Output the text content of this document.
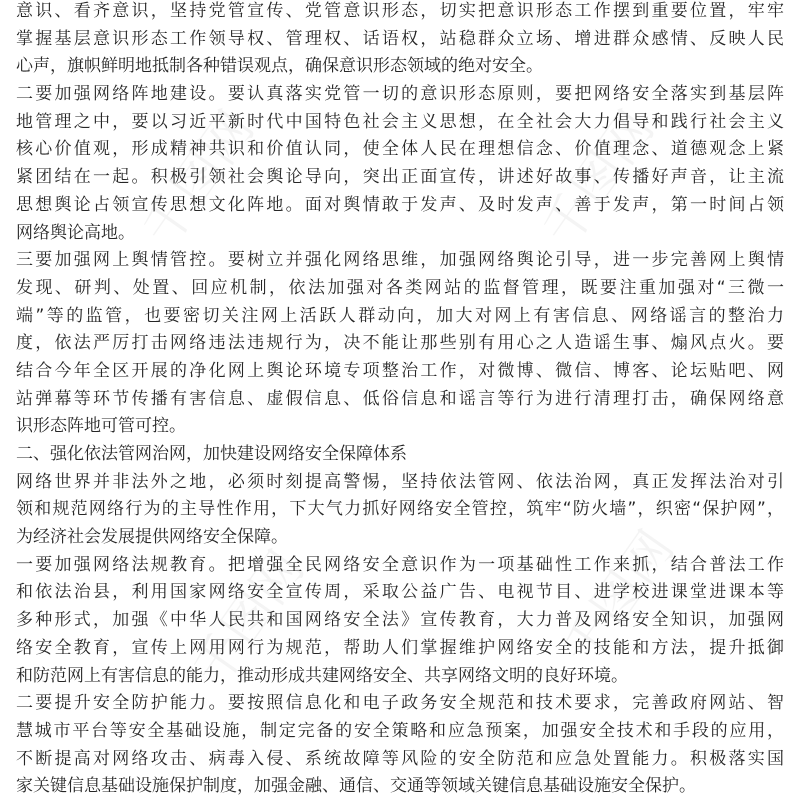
意识、看齐意识，坚持党管宣传、党管意识形态，切实把意识形态工作摆到重要位置，牢牢
掌握基层意识形态工作领导权、管理权、话语权，站稳群众立场、增进群众感情、反映人民
心声，旗帜鲜明地抵制各种错误观点，确保意识形态领域的绝对安全。
二要加强网络阵地建设。要认真落实党管一切的意识形态原则，要把网络安全落实到基层阵
地管理之中，要以习近平新时代中国特色社会主义思想，在全社会大力倡导和践行社会主义
核心价值观，形成精神共识和价值认同，使全体人民在理想信念、价值理念、道德观念上紧
紧团结在一起。积极引领社会舆论导向，突出正面宣传，讲述好故事、传播好声音，让主流
思想舆论占领宣传思想文化阵地。面对舆情敢于发声、及时发声、善于发声，第一时间占领
网络舆论高地。
三要加强网上舆情管控。要树立并强化网络思维，加强网络舆论引导，进一步完善网上舆情
发现、研判、处置、回应机制，依法加强对各类网站的监督管理，既要注重加强对“三微一
端”等的监管，也要密切关注网上活跃人群动向，加大对网上有害信息、网络谣言的整治力
度，依法严厉打击网络违法违规行为，决不能让那些别有用心之人造谣生事、煽风点火。要
结合今年全区开展的净化网上舆论环境专项整治工作，对微博、微信、博客、论坛贴吧、网
站弹幕等环节传播有害信息、虚假信息、低俗信息和谣言等行为进行清理打击，确保网络意
识形态阵地可管可控。
二、强化依法管网治网，加快建设网络安全保障体系
网络世界并非法外之地，必须时刻提高警惕，坚持依法管网、依法治网，真正发挥法治对引
领和规范网络行为的主导性作用，下大气力抓好网络安全管控，筑牢“防火墙”，织密“保护网”，
为经济社会发展提供网络安全保障。
一要加强网络法规教育。把增强全民网络安全意识作为一项基础性工作来抓，结合普法工作
和依法治县，利用国家网络安全宣传周，采取公益广告、电视节目、进学校进课堂进课本等
多种形式，加强《中华人民共和国网络安全法》宣传教育，大力普及网络安全知识，加强网
络安全教育，宣传上网用网行为规范，帮助人们掌握维护网络安全的技能和方法，提升抵御
和防范网上有害信息的能力，推动形成共建网络安全、共享网络文明的良好环境。
二要提升安全防护能力。要按照信息化和电子政务安全规范和技术要求，完善政府网站、智
慧城市平台等安全基础设施，制定完备的安全策略和应急预案，加强安全技术和手段的应用，
不断提高对网络攻击、病毒入侵、系统故障等风险的安全防范和应急处置能力。积极落实国
家关键信息基础设施保护制度，加强金融、通信、交通等领域关键信息基础设施安全保护。
